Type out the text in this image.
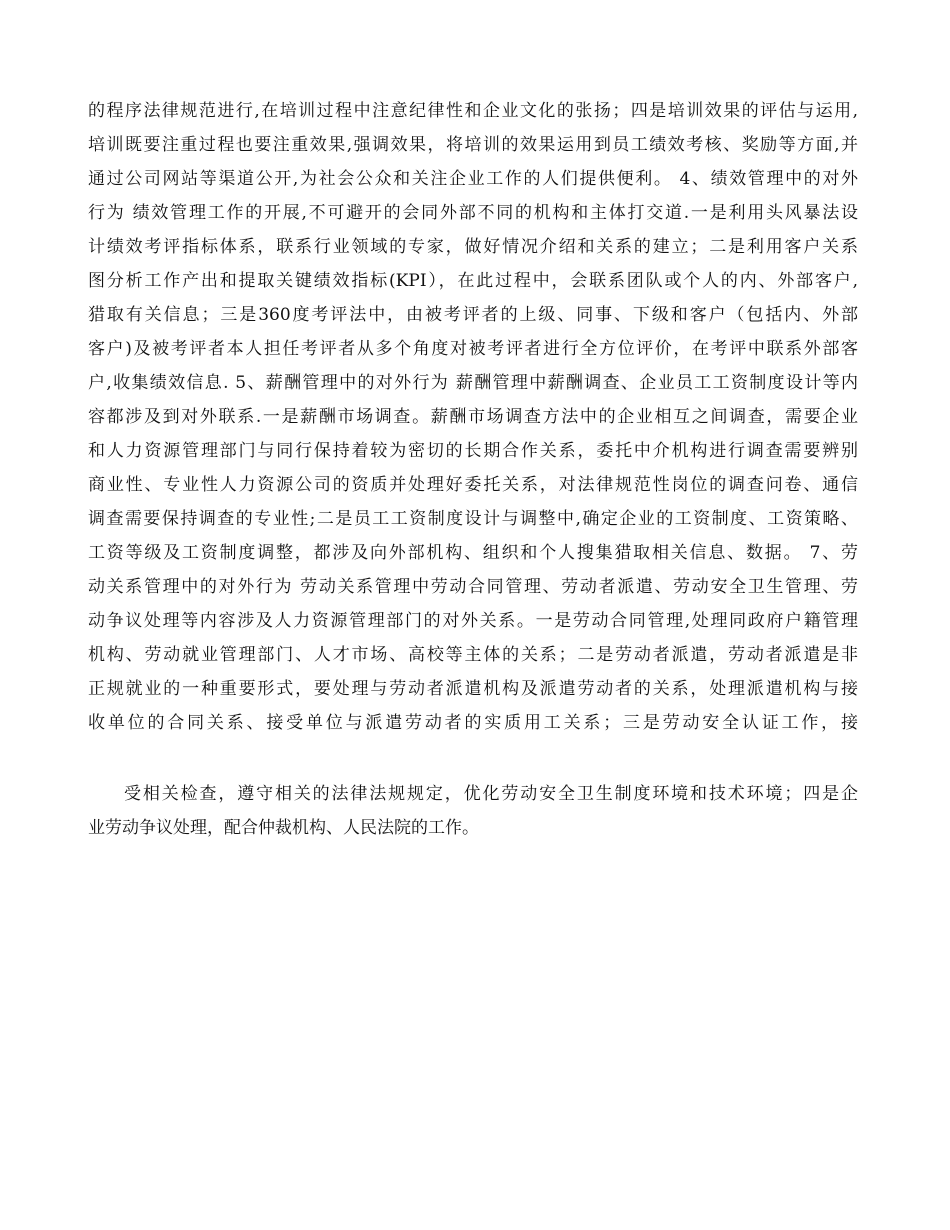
的程序法律规范进行,在培训过程中注意纪律性和企业文化的张扬；四是培训效果的评估与运用,
培训既要注重过程也要注重效果,强调效果，将培训的效果运用到员工绩效考核、奖励等方面,并
通过公司网站等渠道公开,为社会公众和关注企业工作的人们提供便利。 4、绩效管理中的对外
行为 绩效管理工作的开展,不可避开的会同外部不同的机构和主体打交道.一是利用头风暴法设
计绩效考评指标体系，联系行业领域的专家，做好情况介绍和关系的建立；二是利用客户关系
图分析工作产出和提取关键绩效指标(KPI），在此过程中，会联系团队或个人的内、外部客户,
猎取有关信息；三是360度考评法中，由被考评者的上级、同事、下级和客户（包括内、外部
客户)及被考评者本人担任考评者从多个角度对被考评者进行全方位评价，在考评中联系外部客
户,收集绩效信息. 5、薪酬管理中的对外行为 薪酬管理中薪酬调查、企业员工工资制度设计等内
容都涉及到对外联系.一是薪酬市场调查。薪酬市场调查方法中的企业相互之间调查，需要企业
和人力资源管理部门与同行保持着较为密切的长期合作关系，委托中介机构进行调查需要辨别
商业性、专业性人力资源公司的资质并处理好委托关系，对法律规范性岗位的调查问卷、通信
调查需要保持调查的专业性;二是员工工资制度设计与调整中,确定企业的工资制度、工资策略、
工资等级及工资制度调整，都涉及向外部机构、组织和个人搜集猎取相关信息、数据。 7、劳
动关系管理中的对外行为 劳动关系管理中劳动合同管理、劳动者派遣、劳动安全卫生管理、劳
动争议处理等内容涉及人力资源管理部门的对外关系。一是劳动合同管理,处理同政府户籍管理
机构、劳动就业管理部门、人才市场、高校等主体的关系；二是劳动者派遣，劳动者派遣是非
正规就业的一种重要形式，要处理与劳动者派遣机构及派遣劳动者的关系，处理派遣机构与接
收单位的合同关系、接受单位与派遣劳动者的实质用工关系；三是劳动安全认证工作，接
受相关检查，遵守相关的法律法规规定，优化劳动安全卫生制度环境和技术环境；四是企
业劳动争议处理，配合仲裁机构、人民法院的工作。
